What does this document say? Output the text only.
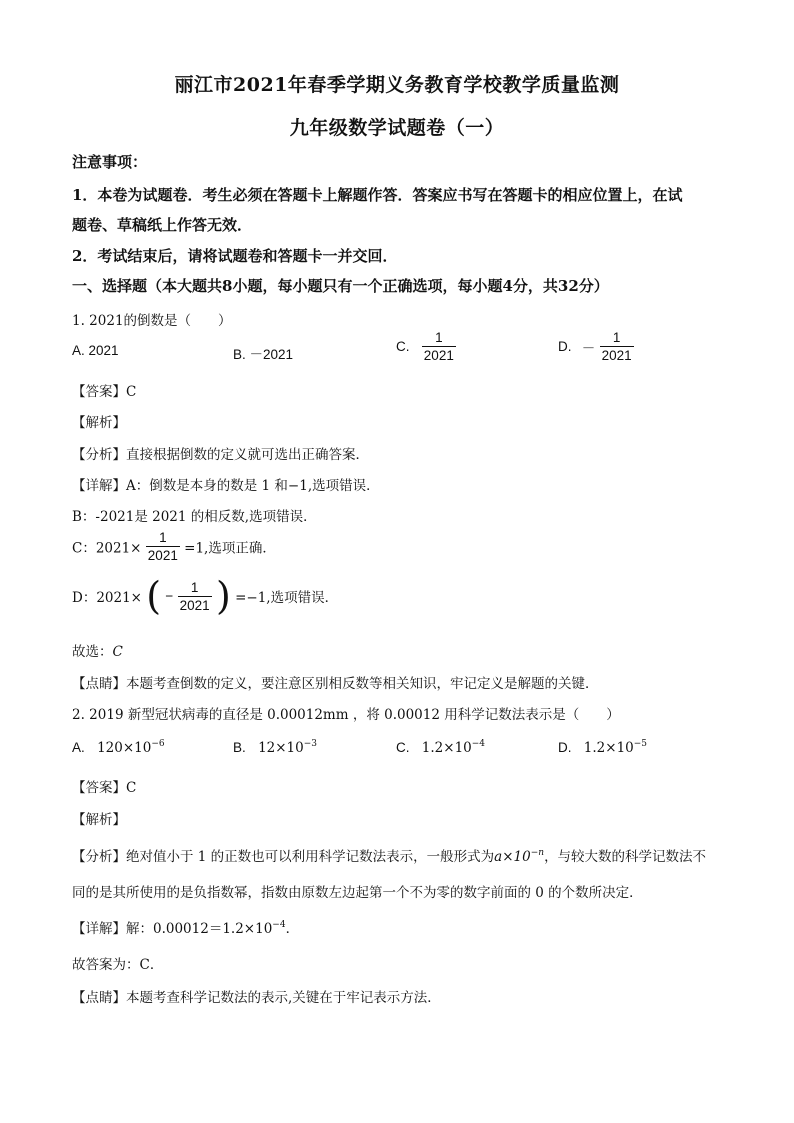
丽江市2021年春季学期义务教育学校教学质量监测
九年级数学试题卷（一）
注意事项：
1．本卷为试题卷．考生必须在答题卡上解题作答．答案应书写在答题卡的相应位置上，在试
题卷、草稿纸上作答无效．
2．考试结束后，请将试题卷和答题卡一并交回．
一、选择题（本大题共8小题，每小题只有一个正确选项，每小题4分，共32分）
1. 2021的倒数是（　　）
A. 2021	B. －2021
C. $\frac{1}{2021}$	D. － $\frac{1}{2021}$
【答案】C
【解析】
【分析】直接根据倒数的定义就可选出正确答案．
【详解】A：倒数是本身的数是 1 和−1,选项错误．
B：-2021是 2021 的相反数,选项错误．
C：$2021\times \frac{1}{2021} =1$,选项正确．
D：2021× ( − $\frac{1}{2021}$ ) =−1,选项错误．
故选：C
【点睛】本题考查倒数的定义，要注意区别相反数等相关知识，牢记定义是解题的关键．
2. 2019 新型冠状病毒的直径是 0.00012mm ，将 0.00012 用科学记数法表示是（　　）
A. $120\times 10^{-6}$	B. $12\times 10^{-3}$	C. $1.2\times 10^{-4}$	D. $1.2\times 10^{-5}$
【答案】C
【解析】
【分析】绝对值小于 1 的正数也可以利用科学记数法表示，一般形式为$a\times 10^{-n}$，与较大数的科学记数法不
同的是其所使用的是负指数幂，指数由原数左边起第一个不为零的数字前面的 0 的个数所决定．
【详解】解：$0.00012=1.2\times 10^{-4}$．
故答案为：C．
【点睛】本题考查科学记数法的表示,关键在于牢记表示方法．
